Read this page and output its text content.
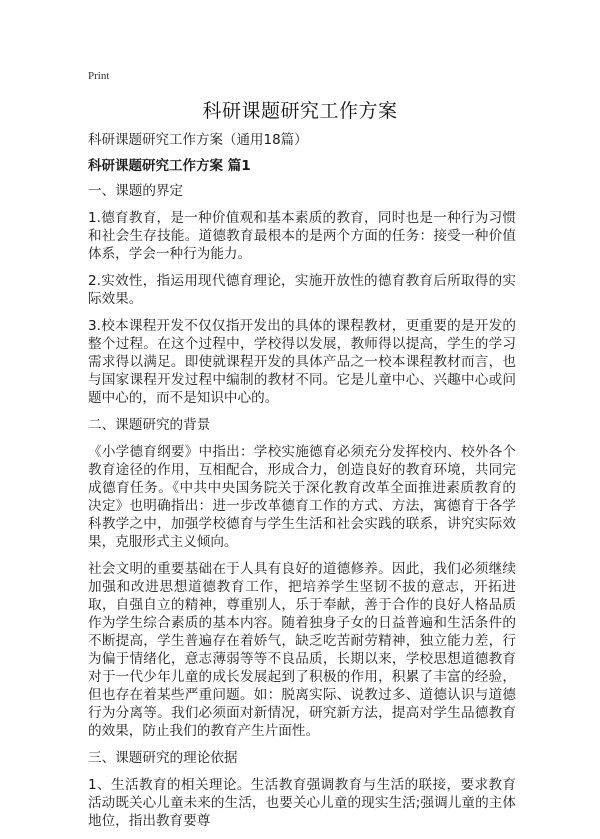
Print
科研课题研究工作方案
科研课题研究工作方案（通用18篇）
科研课题研究工作方案 篇1
一、课题的界定
1.德育教育，是一种价值观和基本素质的教育，同时也是一种行为习惯和社会生存技能。道德教育最根本的是两个方面的任务：接受一种价值体系，学会一种行为能力。
2.实效性，指运用现代德育理论，实施开放性的德育教育后所取得的实际效果。
3.校本课程开发不仅仅指开发出的具体的课程教材，更重要的是开发的整个过程。在这个过程中，学校得以发展，教师得以提高，学生的学习需求得以满足。即使就课程开发的具体产品之一校本课程教材而言，也与国家课程开发过程中编制的教材不同。它是儿童中心、兴趣中心或问题中心的，而不是知识中心的。
二、课题研究的背景
《小学德育纲要》中指出：学校实施德育必须充分发挥校内、校外各个教育途径的作用，互相配合，形成合力，创造良好的教育环境，共同完成德育任务。《中共中央国务院关于深化教育改革全面推进素质教育的决定》也明确指出：进一步改革德育工作的方式、方法，寓德育于各学科教学之中，加强学校德育与学生生活和社会实践的联系，讲究实际效果，克服形式主义倾向。
社会文明的重要基础在于人具有良好的道德修养。因此，我们必须继续加强和改进思想道德教育工作，把培养学生坚韧不拔的意志，开拓进取，自强自立的精神，尊重别人，乐于奉献，善于合作的良好人格品质作为学生综合素质的基本内容。随着独身子女的日益普遍和生活条件的不断提高，学生普遍存在着娇气，缺乏吃苦耐劳精神，独立能力差，行为偏于情绪化，意志薄弱等等不良品质，长期以来，学校思想道德教育对于一代少年儿童的成长发展起到了积极的作用，积累了丰富的经验，但也存在着某些严重问题。如：脱离实际、说教过多、道德认识与道德行为分离等。我们必须面对新情况，研究新方法，提高对学生品德教育的效果，防止我们的教育产生片面性。
三、课题研究的理论依据
1、生活教育的相关理论。生活教育强调教育与生活的联接，要求教育活动既关心儿童未来的生活，也要关心儿童的现实生活;强调儿童的主体地位，指出教育要尊
